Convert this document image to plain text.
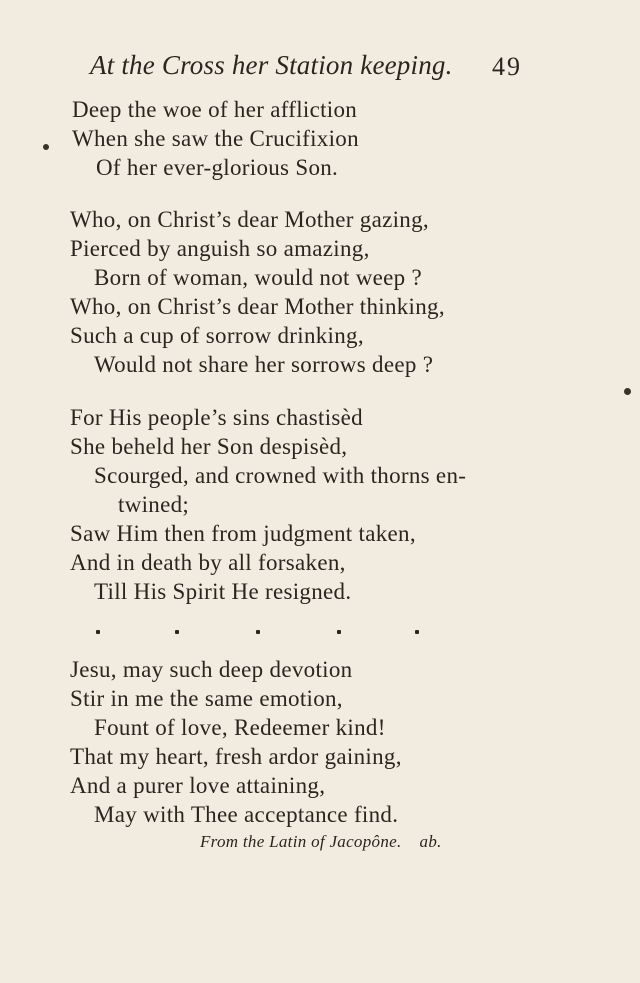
At the Cross her Station keeping. 49
Deep the woe of her affliction
When she saw the Crucifixion
Of her ever-glorious Son.
Who, on Christ’s dear Mother gazing,
Pierced by anguish so amazing,
Born of woman, would not weep ?
Who, on Christ’s dear Mother thinking,
Such a cup of sorrow drinking,
Would not share her sorrows deep ?
For His people’s sins chastisèd
She beheld her Son despisèd,
Scourged, and crowned with thorns en-
twined;
Saw Him then from judgment taken,
And in death by all forsaken,
Till His Spirit He resigned.
Jesu, may such deep devotion
Stir in me the same emotion,
Fount of love, Redeemer kind!
That my heart, fresh ardor gaining,
And a purer love attaining,
May with Thee acceptance find.
From the Latin of Jacopône. ab.
